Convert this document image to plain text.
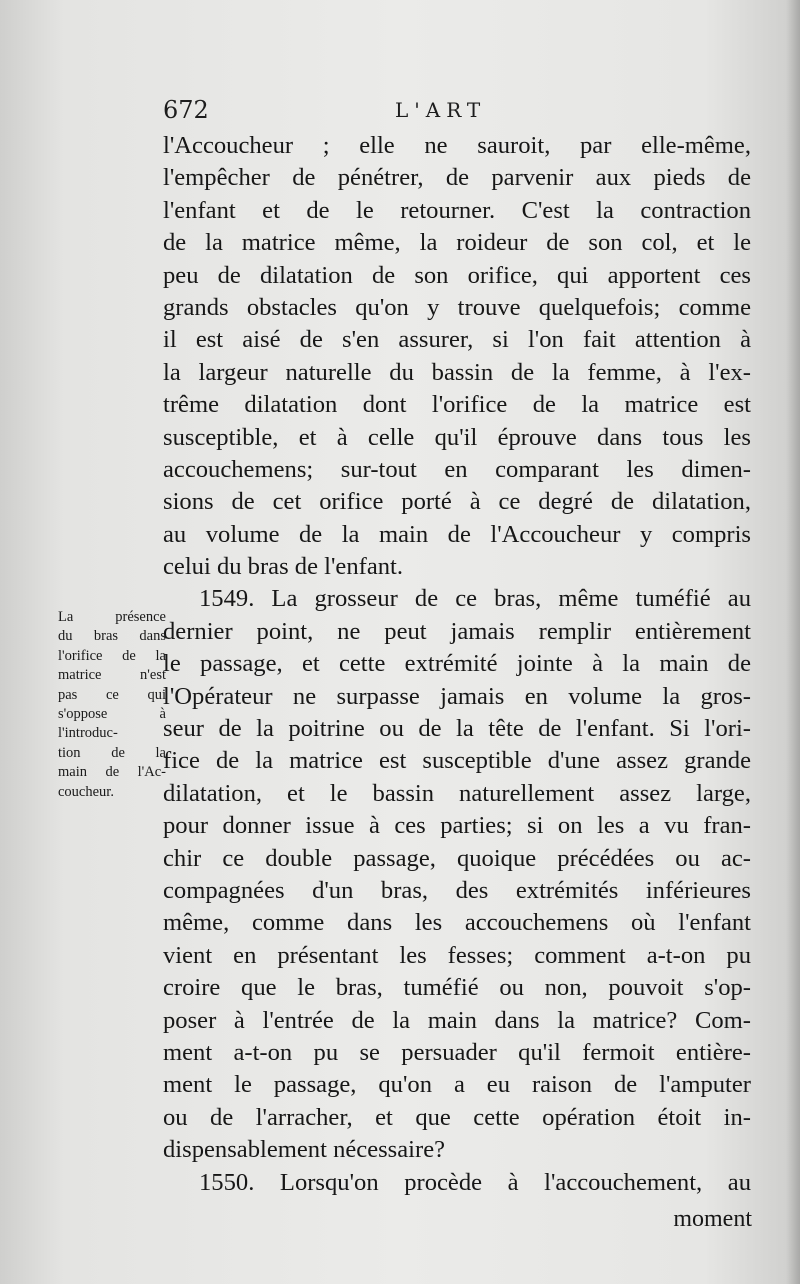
672	L'ART
La présence
du bras dans
l'orifice de la
matrice n'est
pas ce qui
s'oppose à
l'introduc-
tion de la
main de l'Ac-
coucheur.
l'Accoucheur ; elle ne sauroit, par elle-même,
l'empêcher de pénétrer, de parvenir aux pieds de
l'enfant et de le retourner. C'est la contraction
de la matrice même, la roideur de son col, et le
peu de dilatation de son orifice, qui apportent ces
grands obstacles qu'on y trouve quelquefois; comme
il est aisé de s'en assurer, si l'on fait attention à
la largeur naturelle du bassin de la femme, à l'ex-
trême dilatation dont l'orifice de la matrice est
susceptible, et à celle qu'il éprouve dans tous les
accouchemens; sur-tout en comparant les dimen-
sions de cet orifice porté à ce degré de dilatation,
au volume de la main de l'Accoucheur y compris
celui du bras de l'enfant.
1549. La grosseur de ce bras, même tuméfié au
dernier point, ne peut jamais remplir entièrement
le passage, et cette extrémité jointe à la main de
l'Opérateur ne surpasse jamais en volume la gros-
seur de la poitrine ou de la tête de l'enfant. Si l'ori-
fice de la matrice est susceptible d'une assez grande
dilatation, et le bassin naturellement assez large,
pour donner issue à ces parties; si on les a vu fran-
chir ce double passage, quoique précédées ou ac-
compagnées d'un bras, des extrémités inférieures
même, comme dans les accouchemens où l'enfant
vient en présentant les fesses; comment a-t-on pu
croire que le bras, tuméfié ou non, pouvoit s'op-
poser à l'entrée de la main dans la matrice? Com-
ment a-t-on pu se persuader qu'il fermoit entière-
ment le passage, qu'on a eu raison de l'amputer
ou de l'arracher, et que cette opération étoit in-
dispensablement nécessaire?
1550. Lorsqu'on procède à l'accouchement, au
moment
